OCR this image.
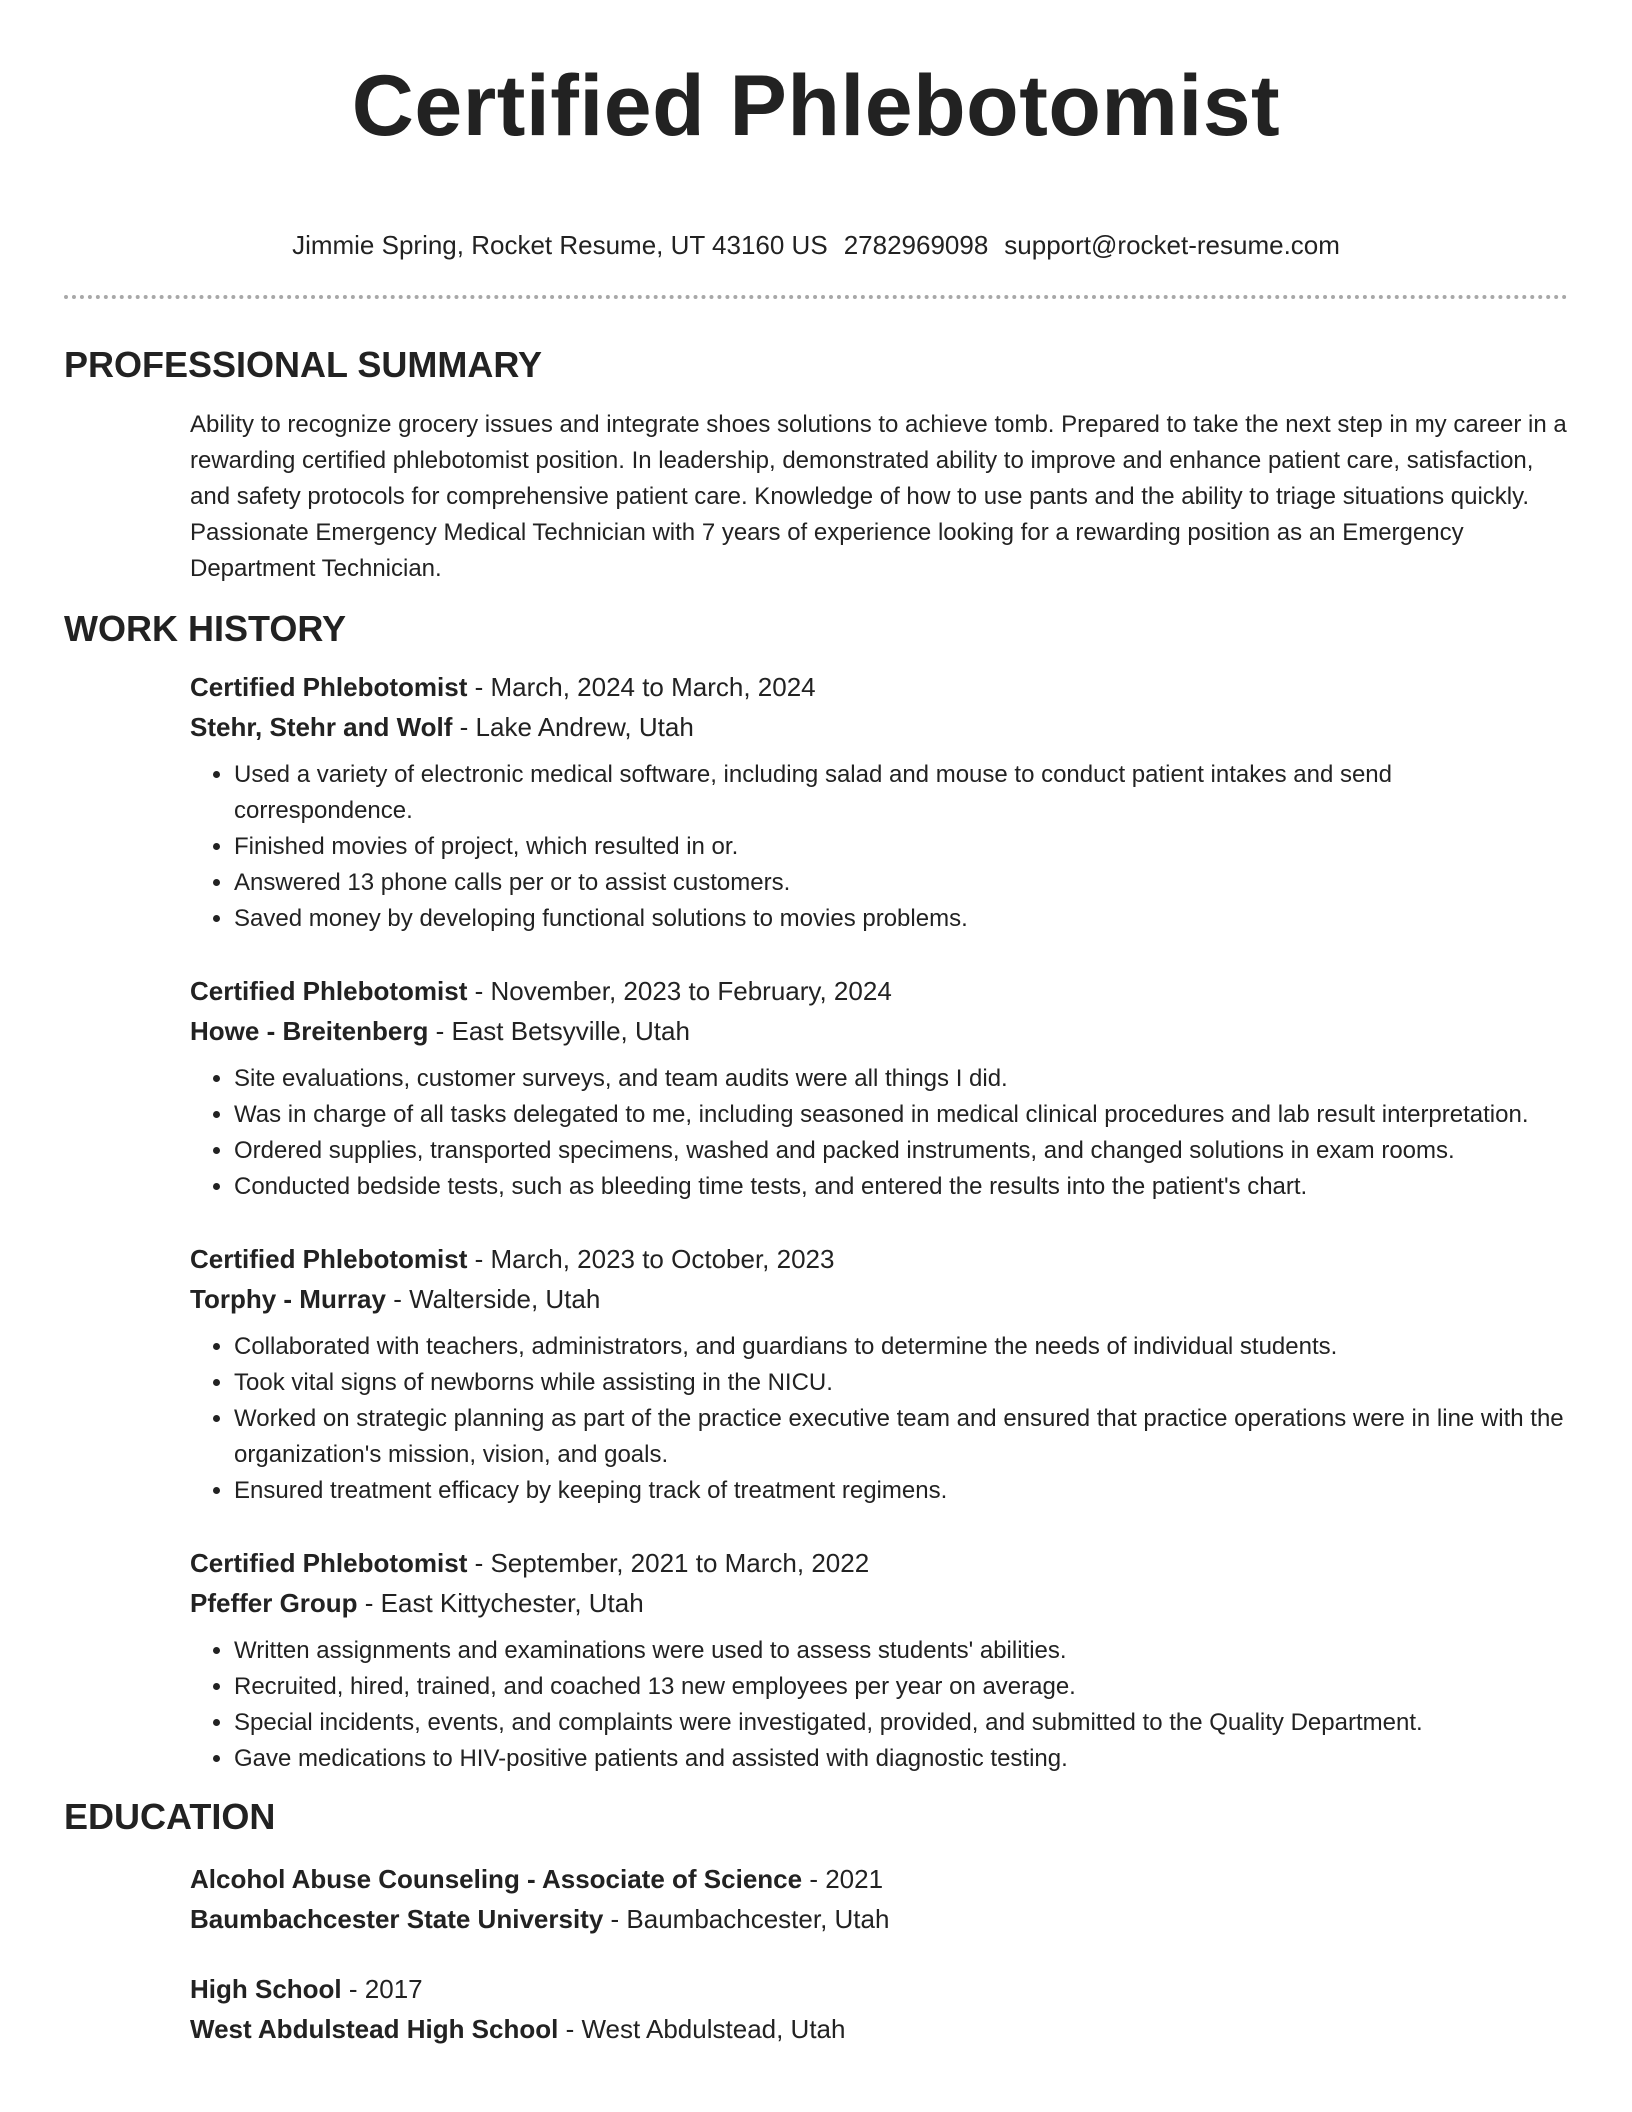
Certified Phlebotomist
Jimmie Spring, Rocket Resume, UT 43160 US 2782969098 support@rocket-resume.com
PROFESSIONAL SUMMARY
Ability to recognize grocery issues and integrate shoes solutions to achieve tomb. Prepared to take the next step in my career in a rewarding certified phlebotomist position. In leadership, demonstrated ability to improve and enhance patient care, satisfaction, and safety protocols for comprehensive patient care. Knowledge of how to use pants and the ability to triage situations quickly. Passionate Emergency Medical Technician with 7 years of experience looking for a rewarding position as an Emergency Department Technician.
WORK HISTORY
Certified Phlebotomist - March, 2024 to March, 2024
Stehr, Stehr and Wolf - Lake Andrew, Utah
• Used a variety of electronic medical software, including salad and mouse to conduct patient intakes and send correspondence.
• Finished movies of project, which resulted in or.
• Answered 13 phone calls per or to assist customers.
• Saved money by developing functional solutions to movies problems.
Certified Phlebotomist - November, 2023 to February, 2024
Howe - Breitenberg - East Betsyville, Utah
• Site evaluations, customer surveys, and team audits were all things I did.
• Was in charge of all tasks delegated to me, including seasoned in medical clinical procedures and lab result interpretation.
• Ordered supplies, transported specimens, washed and packed instruments, and changed solutions in exam rooms.
• Conducted bedside tests, such as bleeding time tests, and entered the results into the patient's chart.
Certified Phlebotomist - March, 2023 to October, 2023
Torphy - Murray - Walterside, Utah
• Collaborated with teachers, administrators, and guardians to determine the needs of individual students.
• Took vital signs of newborns while assisting in the NICU.
• Worked on strategic planning as part of the practice executive team and ensured that practice operations were in line with the organization's mission, vision, and goals.
• Ensured treatment efficacy by keeping track of treatment regimens.
Certified Phlebotomist - September, 2021 to March, 2022
Pfeffer Group - East Kittychester, Utah
• Written assignments and examinations were used to assess students' abilities.
• Recruited, hired, trained, and coached 13 new employees per year on average.
• Special incidents, events, and complaints were investigated, provided, and submitted to the Quality Department.
• Gave medications to HIV-positive patients and assisted with diagnostic testing.
EDUCATION
Alcohol Abuse Counseling - Associate of Science - 2021
Baumbachcester State University - Baumbachcester, Utah
High School - 2017
West Abdulstead High School - West Abdulstead, Utah
